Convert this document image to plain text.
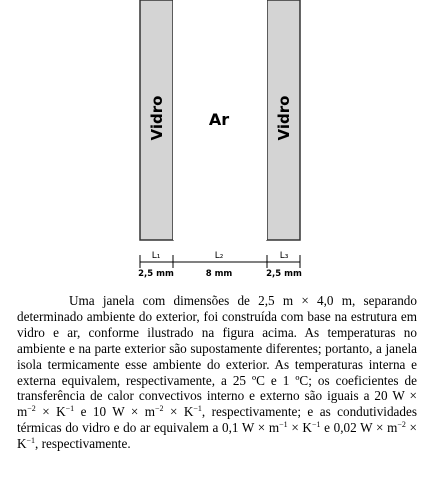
Vidro	Vidro
Ar
L₁	L₂	L₃
2,5 mm	8 mm	2,5 mm

Uma janela com dimensões de 2,5 m × 4,0 m, separando determinado ambiente do exterior, foi construída com base na estrutura em vidro e ar, conforme ilustrado na figura acima. As temperaturas no ambiente e na parte exterior são supostamente diferentes; portanto, a janela isola termicamente esse ambiente do exterior. As temperaturas interna e externa equivalem, respectivamente, a 25 ºC e 1 ºC; os coeficientes de transferência de calor convectivos interno e externo são iguais a 20 $W \times m^{-2} \times K^{-1}$ e 10 $W \times m^{-2} \times K^{-1}$, respectivamente; e as condutividades térmicas do vidro e do ar equivalem a 0,1 $W \times m^{-1} \times K^{-1}$ e 0,02 $W \times m^{-2} \times K^{-1}$, respectivamente.
